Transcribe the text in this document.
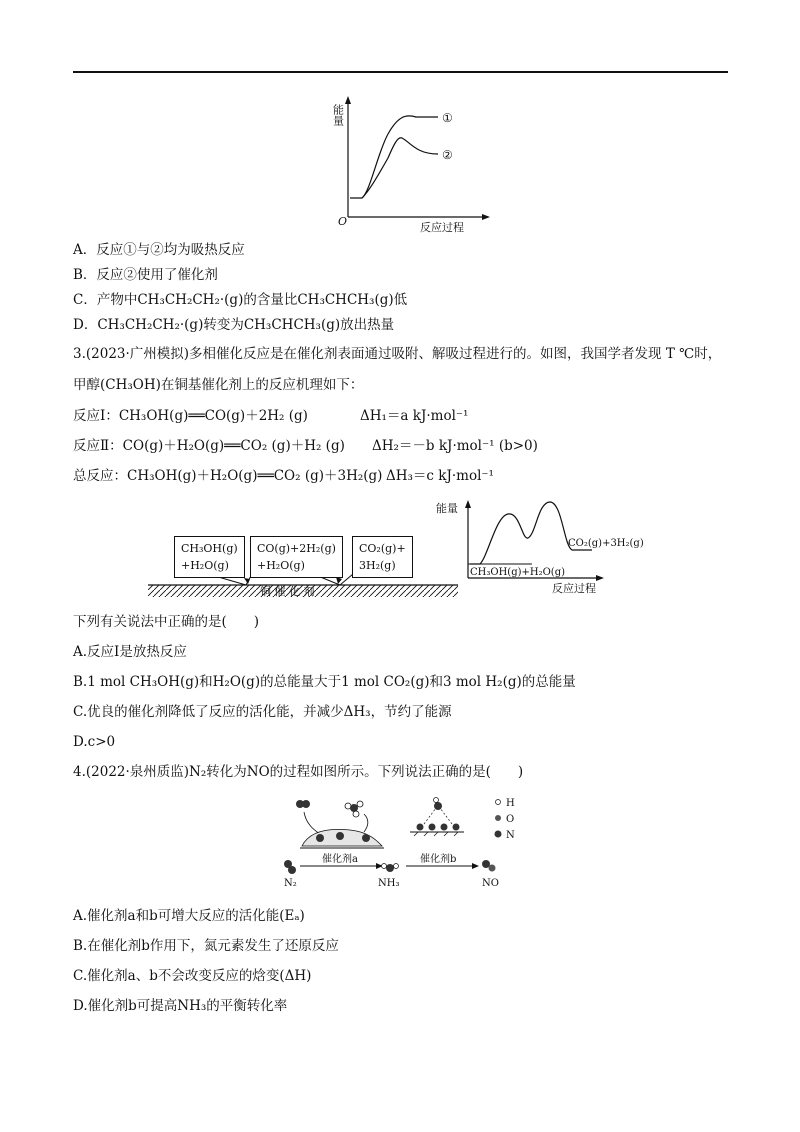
能量
O	反应过程
①
②
A．反应①与②均为吸热反应
B．反应②使用了催化剂
C．产物中CH₃CH₂CH₂·(g)的含量比CH₃CHCH₃(g)低
D．CH₃CH₂CH₂·(g)转变为CH₃CHCH₃(g)放出热量
3.(2023·广州模拟)多相催化反应是在催化剂表面通过吸附、解吸过程进行的。如图，我国学者发现 T ℃时，
甲醇(CH₃OH)在铜基催化剂上的反应机理如下：
反应Ⅰ：CH₃OH(g)══CO(g)＋2H₂ (g)	ΔH₁＝a kJ·mol⁻¹
反应Ⅱ：CO(g)＋H₂O(g)══CO₂ (g)＋H₂ (g) ΔH₂＝－b kJ·mol⁻¹ (b>0)
总反应：CH₃OH(g)＋H₂O(g)══CO₂ (g)＋3H₂(g) ΔH₃＝c kJ·mol⁻¹
铜 催 化 剂
CH₃OH(g)
+H₂O(g)
CO(g)+2H₂(g)
+H₂O(g)
CO₂(g)+
3H₂(g)
能量
CH₃OH(g)+H₂O(g)
CO₂(g)+3H₂(g)
反应过程
下列有关说法中正确的是(　　)
A.反应Ⅰ是放热反应
B.1 mol CH₃OH(g)和H₂O(g)的总能量大于1 mol CO₂(g)和3 mol H₂(g)的总能量
C.优良的催化剂降低了反应的活化能，并减少ΔH₃，节约了能源
D.c>0
4.(2022·泉州质监)N₂转化为NO的过程如图所示。下列说法正确的是(　　)
催化剂a
N₂	NH₃
催化剂b
NO
H
O
N
A.催化剂a和b可增大反应的活化能(Eₐ)
B.在催化剂b作用下，氮元素发生了还原反应
C.催化剂a、b不会改变反应的焓变(ΔH)
D.催化剂b可提高NH₃的平衡转化率
